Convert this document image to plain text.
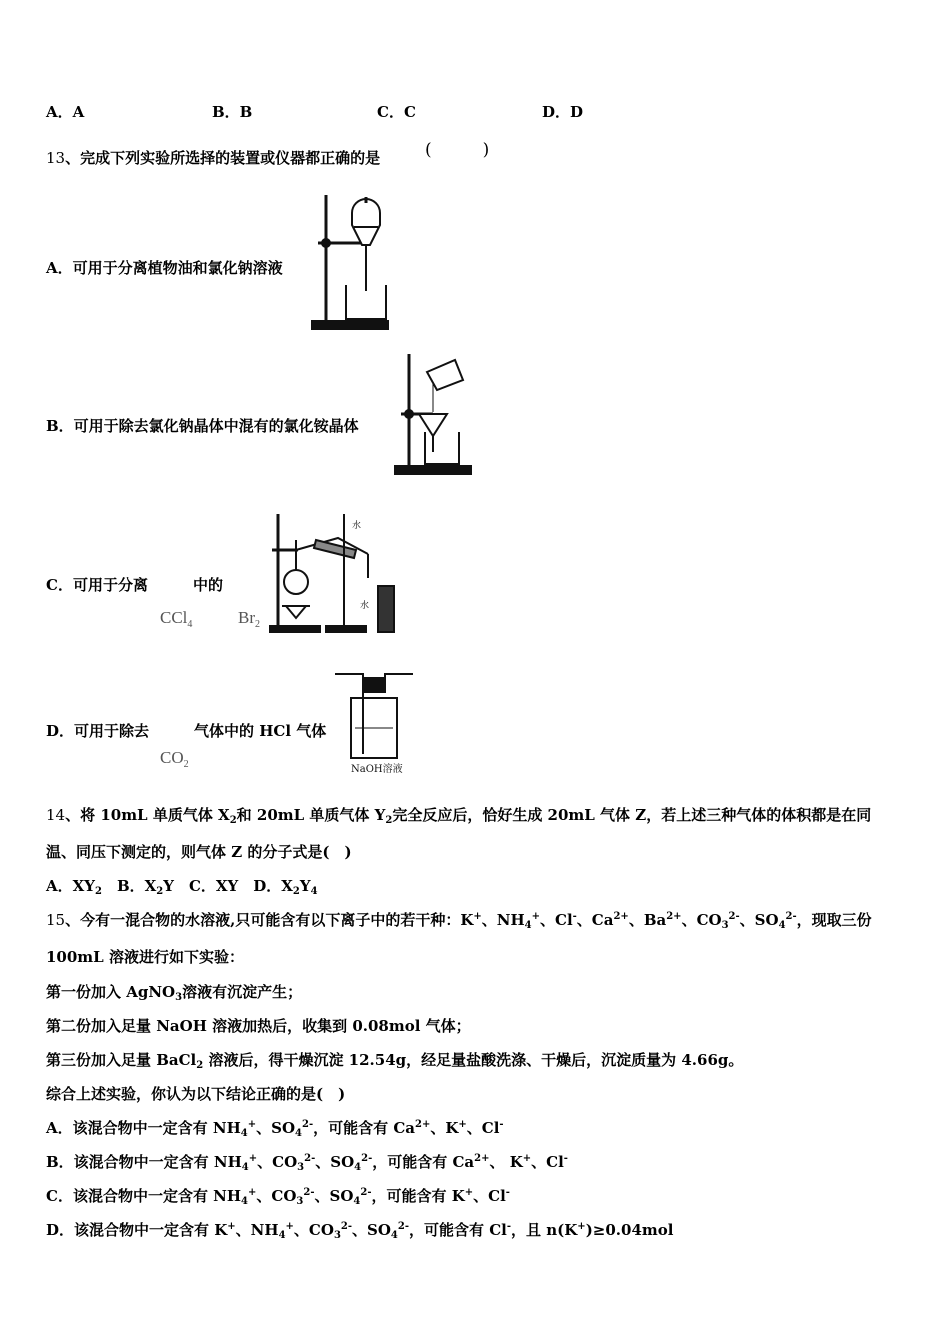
A．A	B．B	C．C	D．D
13、完成下列实验所选择的装置或仪器都正确的是
A．可用于分离植物油和氯化钠溶液
B．可用于除去氯化钠晶体中混有的氯化铵晶体
C．可用于分离　　　中的
D．可用于除去　　　气体中的 HCl 气体
14、将 10mL 单质气体 $X_2$和 20mL 单质气体 $Y_2$完全反应后，恰好生成 20mL 气体 Z，若上述三种气体的体积都是在同
温、同压下测定的，则气体 Z 的分子式是(　)
A．$XY_2$　B．$X_2Y$　C．XY　D．$X_2Y_4$
15、今有一混合物的水溶液,只可能含有以下离子中的若干种：K+、$NH_4^+$、Cl-、$Ca^{2+}$、$Ba^{2+}$、$CO_3^{2-}$、$SO_4^{2-}$，现取三份
100mL 溶液进行如下实验：
第一份加入 AgNO$_3$溶液有沉淀产生；
第二份加入足量 NaOH 溶液加热后，收集到 0.08mol 气体；
第三份加入足量 BaCl$_2$ 溶液后，得干燥沉淀 12.54g，经足量盐酸洗涤、干燥后，沉淀质量为 4.66g。
综合上述实验，你认为以下结论正确的是(　)
A．该混合物中一定含有 $NH_4^+$、$SO_4^{2-}$，可能含有 $Ca^{2+}$、K+、Cl-
B．该混合物中一定含有 $NH_4^+$、$CO_3^{2-}$、$SO_4^{2-}$，可能含有 $Ca^{2+}$、 K+、Cl-
C．该混合物中一定含有 $NH_4^+$、$CO_3^{2-}$、$SO_4^{2-}$，可能含有 K+、Cl-
D．该混合物中一定含有 K+、$NH_4^+$、$CO_3^{2-}$、$SO_4^{2-}$，可能含有 Cl-，且 n(K+)≥0.04mol
(　　　)
CCl$_4$	$Br_2$
$CO_2$
水
水
NaOH溶液
